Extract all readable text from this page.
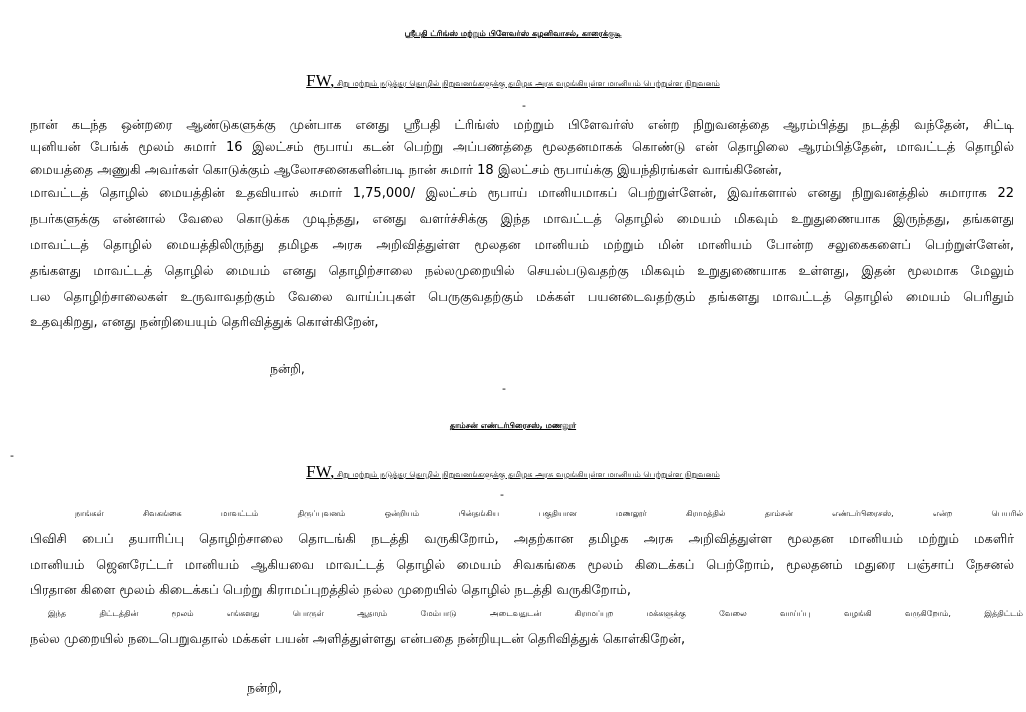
ஸ்ரீபதி ட்ரிங்ஸ் மற்றும் பிளேவர்ஸ் கழனிவாசல், காரைக்குடி
FW, சிறு மற்றும் நடுத்தர தொழில் நிறுவனங்களுக்கு தமிழக அரசு வழங்கியுள்ள மானியம் பெற்றுள்ள நிறுவனம்
-
நான் கடந்த ஒன்றரை ஆண்டுகளுக்கு முன்பாக எனது ஸ்ரீபதி ட்ரிங்ஸ் மற்றும் பிளேவர்ஸ் என்ற நிறுவனத்தை ஆரம்பித்து நடத்தி வந்தேன், சிட்டி
யுனியன் பேங்க் மூலம் சுமார் 16 இலட்சம் ரூபாய் கடன் பெற்று அப்பணத்தை மூலதனமாகக் கொண்டு என் தொழிலை ஆரம்பித்தேன், மாவட்டத் தொழில்
மையத்தை அணுகி அவர்கள் கொடுக்கும் ஆலோசனைகளின்படி நான் சுமார் 18 இலட்சம் ரூபாய்க்கு இயந்திரங்கள் வாங்கினேன்,
மாவட்டத் தொழில் மையத்தின் உதவியால் சுமார் 1,75,000/ இலட்சம் ரூபாய் மானியமாகப் பெற்றுள்ளேன், இவர்களால் எனது நிறுவனத்தில் சுமாராக 22
நபர்களுக்கு என்னால் வேலை கொடுக்க முடிந்தது, எனது வளர்ச்சிக்கு இந்த மாவட்டத் தொழில் மையம் மிகவும் உறுதுணையாக இருந்தது, தங்களது
மாவட்டத் தொழில் மையத்திலிருந்து தமிழக அரசு அறிவித்துள்ள மூலதன மானியம் மற்றும் மின் மானியம் போன்ற சலுகைகளைப் பெற்றுள்ளேன்,
தங்களது மாவட்டத் தொழில் மையம் எனது தொழிற்சாலை நல்லமுறையில் செயல்படுவதற்கு மிகவும் உறுதுணையாக உள்ளது, இதன் மூலமாக மேலும்
பல தொழிற்சாலைகள் உருவாவதற்கும் வேலை வாய்ப்புகள் பெருகுவதற்கும் மக்கள் பயனடைவதற்கும் தங்களது மாவட்டத் தொழில் மையம் பெரிதும்
உதவுகிறது, எனது நன்றியையும் தெரிவித்துக் கொள்கிறேன்,
நன்றி,
-
தாம்சன் எண்டர்பிரைசஸ், மணலூர்
-
FW, சிறு மற்றும் நடுத்தர தொழில் நிறுவனங்களுக்கு தமிழக அரசு வழங்கியுள்ள மானியம் பெற்றுள்ள நிறுவனம்
-
நாங்கள் சிவகங்கை மாவட்டம் திருப்புவனம் ஒன்றியம் பின்தங்கிய பகுதியான மணலூர் கிராமத்தில் தாம்சன் எண்டர்பிரைசஸ், என்ற பெயரில்
பிவிசி பைப் தயாரிப்பு தொழிற்சாலை தொடங்கி நடத்தி வருகிறோம், அதற்கான தமிழக அரசு அறிவித்துள்ள மூலதன மானியம் மற்றும் மகளிர்
மானியம் ஜெனரேட்டர் மானியம் ஆகியவை மாவட்டத் தொழில் மையம் சிவகங்கை மூலம் கிடைக்கப் பெற்றோம், மூலதனம் மதுரை பஞ்சாப் நேசனல்
பிரதான கிளை மூலம் கிடைக்கப் பெற்று கிராமப்புறத்தில் நல்ல முறையில் தொழில் நடத்தி வருகிறோம்,
இந்த திட்டத்தின் மூலம் எங்களது பொருள் ஆதாரம் மேம்பாடு அடைவதுடன் கிராமப்புற மக்களுக்கு வேலை வாய்ப்பு வழங்கி வருகிறோம், இத்திட்டம்
நல்ல முறையில் நடைபெறுவதால் மக்கள் பயன் அளித்துள்ளது என்பதை நன்றியுடன் தெரிவித்துக் கொள்கிறேன்,
நன்றி,
